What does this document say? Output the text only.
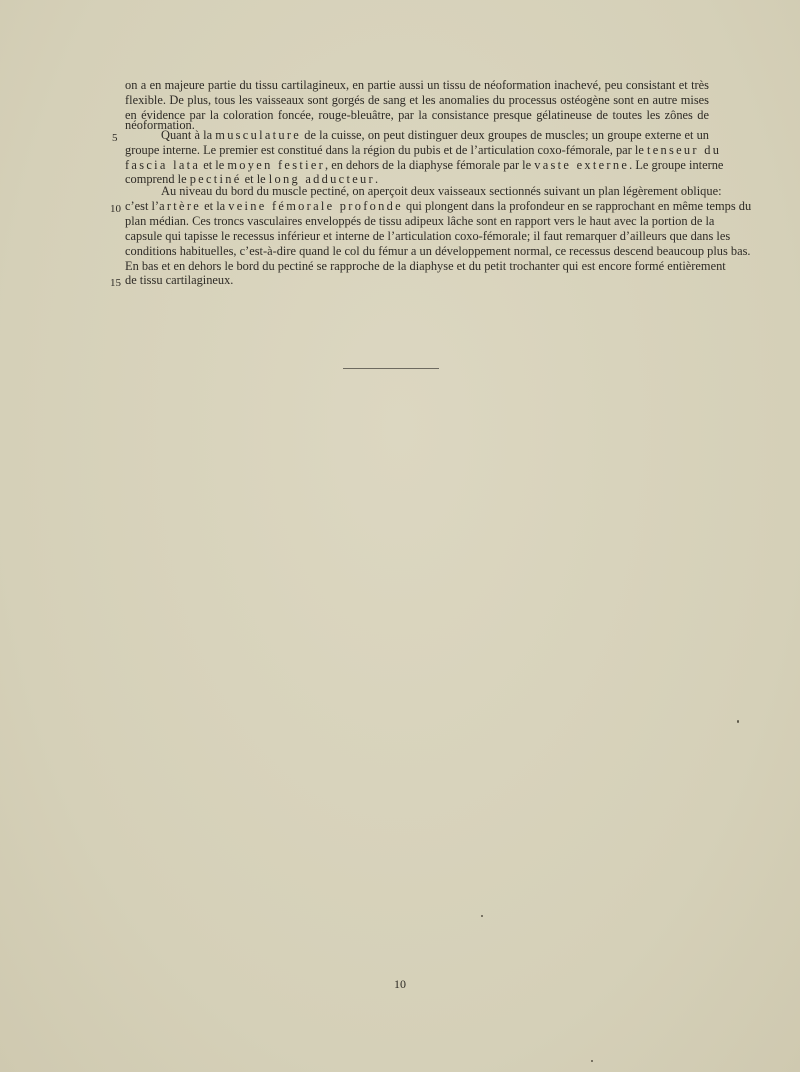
on a en majeure partie du tissu cartilagineux, en partie aussi un tissu de néoformation inachevé, peu consistant et très
flexible. De plus, tous les vaisseaux sont gorgés de sang et les anomalies du processus ostéogène sont en autre mises
en évidence par la coloration foncée, rouge-bleuâtre, par la consistance presque gélatineuse de toutes les zônes de
néoformation.
5	Quant à la musculature de la cuisse, on peut distinguer deux groupes de muscles; un groupe externe et un
groupe interne. Le premier est constitué dans la région du pubis et de l’articulation coxo-fémorale, par le tenseur du
fascia lata et le moyen festier, en dehors de la diaphyse fémorale par le vaste externe. Le groupe interne
comprend le pectiné et le long adducteur.
Au niveau du bord du muscle pectiné, on aperçoit deux vaisseaux sectionnés suivant un plan légèrement oblique:
10 c’est l’artère et la veine fémorale profonde qui plongent dans la profondeur en se rapprochant en même temps du
plan médian. Ces troncs vasculaires enveloppés de tissu adipeux lâche sont en rapport vers le haut avec la portion de la
capsule qui tapisse le recessus inférieur et interne de l’articulation coxo-fémorale; il faut remarquer d’ailleurs que dans les
conditions habituelles, c’est-à-dire quand le col du fémur a un développement normal, ce recessus descend beaucoup plus bas.
En bas et en dehors le bord du pectiné se rapproche de la diaphyse et du petit trochanter qui est encore formé entièrement
15 de tissu cartilagineux.
10
